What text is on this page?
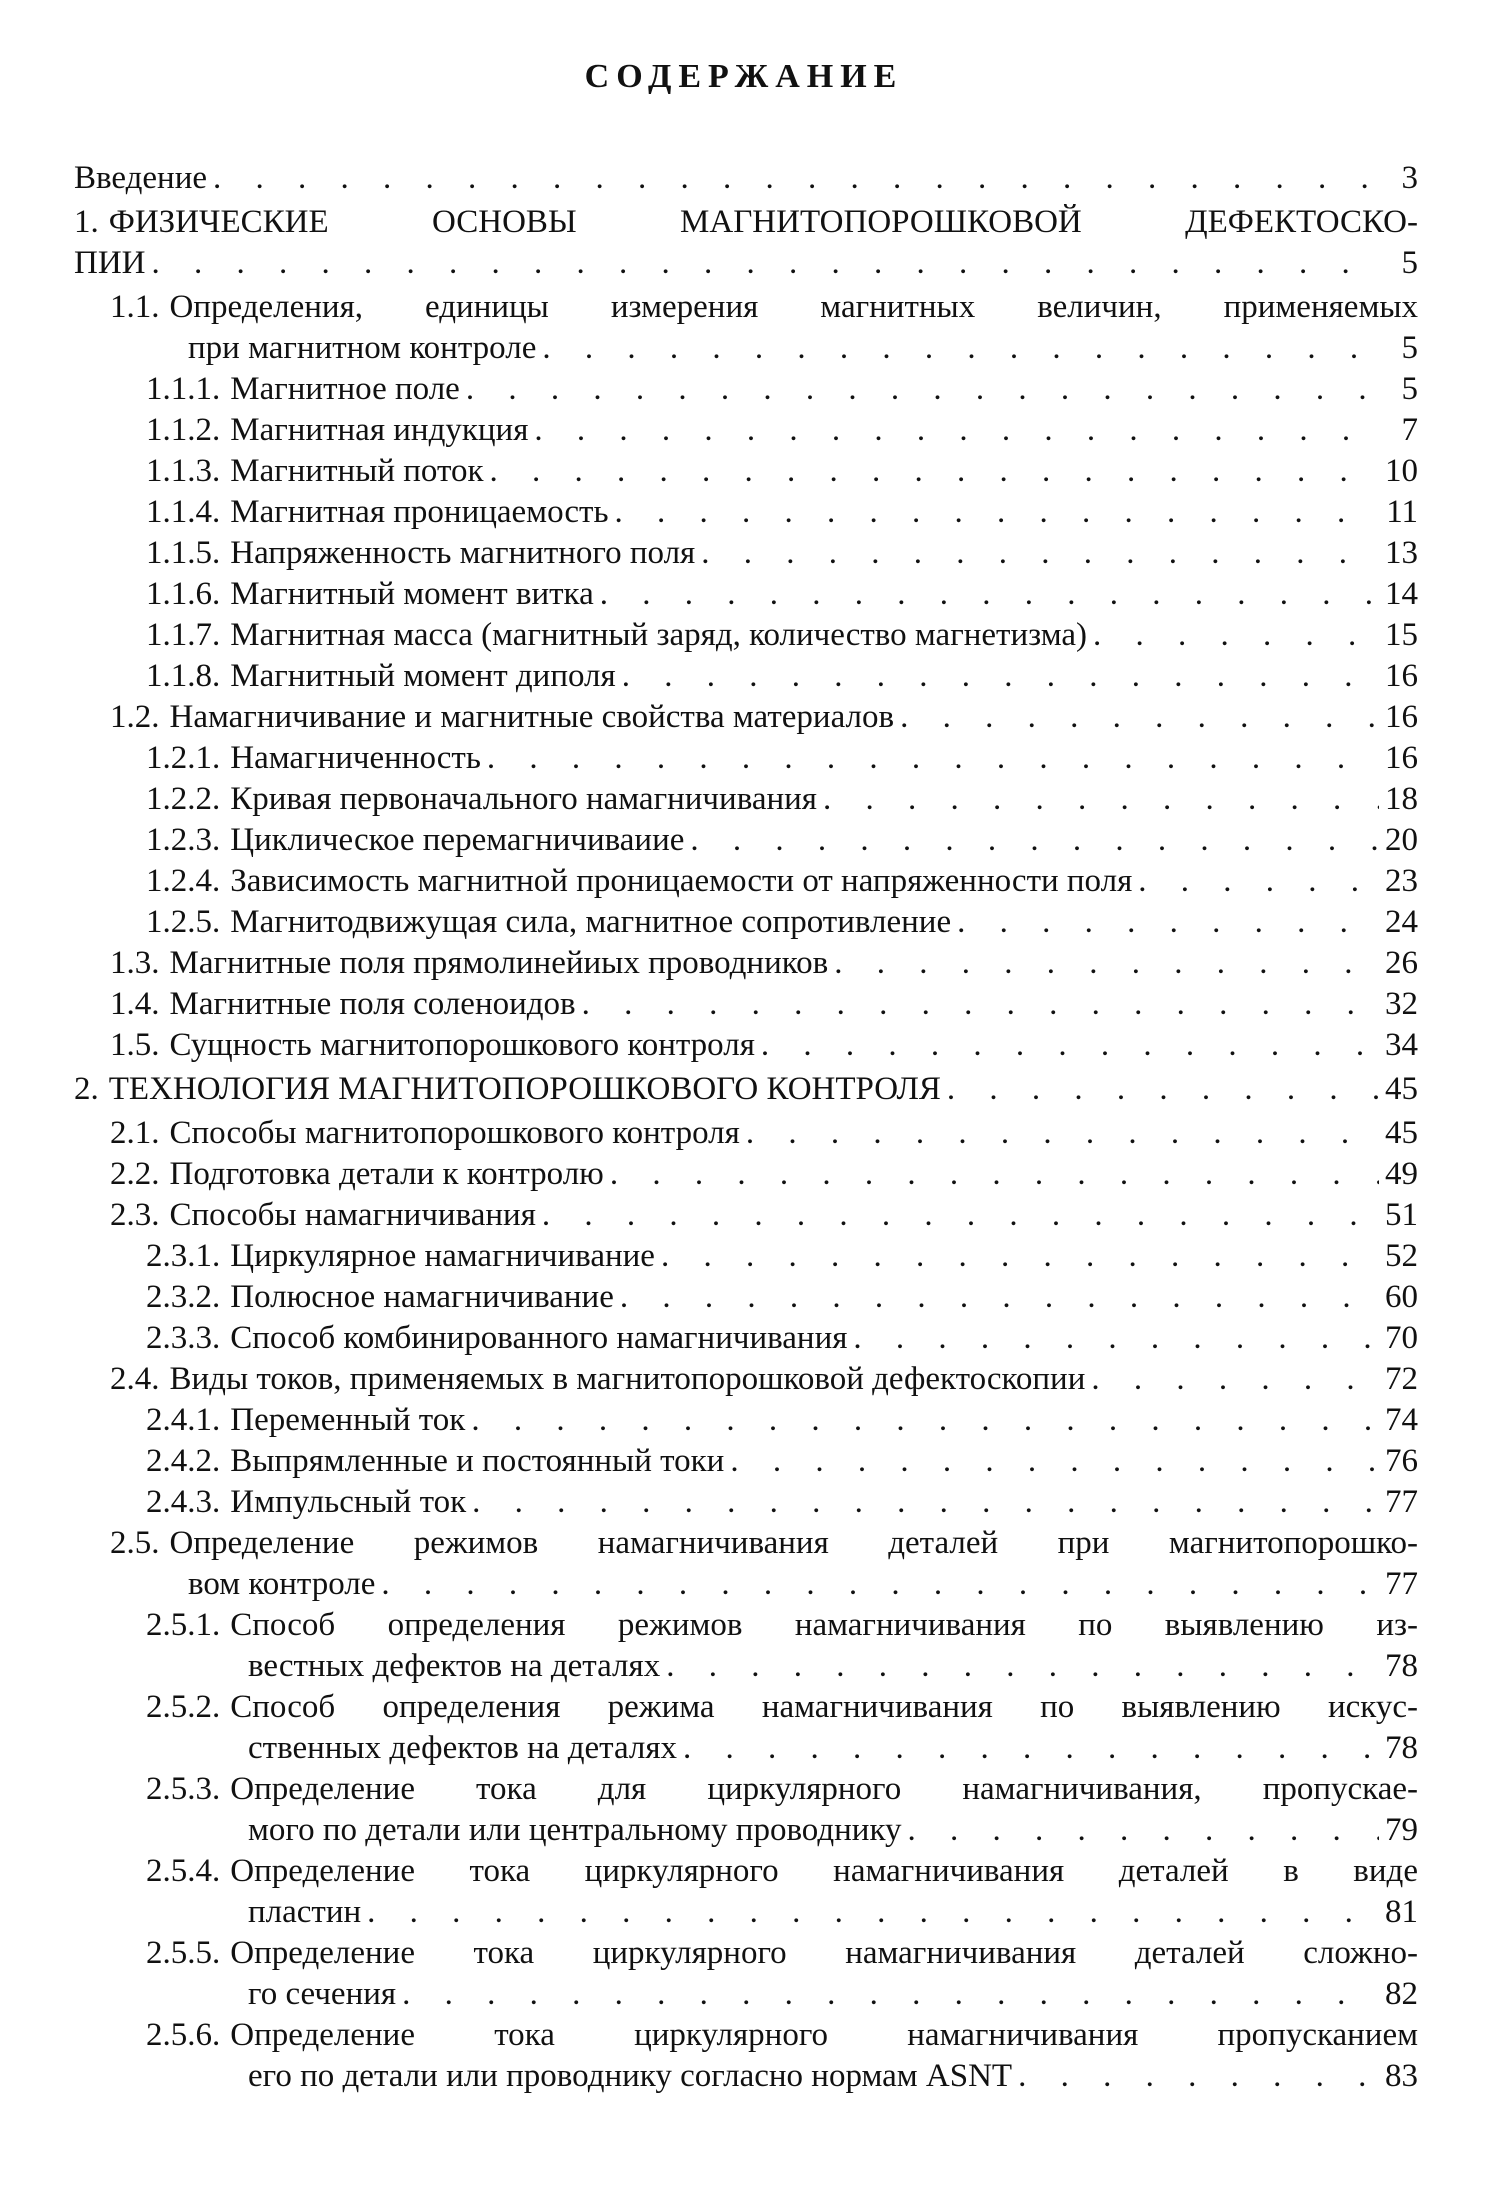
СОДЕРЖАНИЕ
Введение . . .	3
1. ФИЗИЧЕСКИЕ ОСНОВЫ МАГНИТОПОРОШКОВОЙ ДЕФЕКТОСКО-
ПИИ . . .	5
1.1. Определения, единицы измерения магнитных величин, применяемых
при магнитном контроле . . .	5
1.1.1. Магнитное поле . . .	5
1.1.2. Магнитная индукция . . .	7
1.1.3. Магнитный поток . . .	10
1.1.4. Магнитная проницаемость . . .	11
1.1.5. Напряженность магнитного поля . . .	13
1.1.6. Магнитный момент витка . . .	14
1.1.7. Магнитная масса (магнитный заряд, количество магнетизма) . . .	15
1.1.8. Магнитный момент диполя . . .	16
1.2. Намагничивание и магнитные свойства материалов . . .	16
1.2.1. Намагниченность . . .	16
1.2.2. Кривая первоначального намагничивания . . .	18
1.2.3. Циклическое перемагничиваиие . . .	20
1.2.4. Зависимость магнитной проницаемости от напряженности поля . . .	23
1.2.5. Магнитодвижущая сила, магнитное сопротивление . . .	24
1.3. Магнитные поля прямолинейиых проводников . . .	26
1.4. Магнитные поля соленоидов . . .	32
1.5. Сущность магнитопорошкового контроля . . .	34
2. ТЕХНОЛОГИЯ МАГНИТОПОРОШКОВОГО КОНТРОЛЯ . . .	45
2.1. Способы магнитопорошкового контроля . . .	45
2.2. Подготовка детали к контролю . . .	49
2.3. Способы намагничивания . . .	51
2.3.1. Циркулярное намагничивание . . .	52
2.3.2. Полюсное намагничивание . . .	60
2.3.3. Способ комбинированного намагничивания . . .	70
2.4. Виды токов, применяемых в магнитопорошковой дефектоскопии . . .	72
2.4.1. Переменный ток . . .	74
2.4.2. Выпрямленные и постоянный токи . . .	76
2.4.3. Импульсный ток . . .	77
2.5. Определение режимов намагничивания деталей при магнитопорошко-
вом контроле . . .	77
2.5.1. Способ определения режимов намагничивания по выявлению из-
вестных дефектов на деталях . . .	78
2.5.2. Способ определения режима намагничивания по выявлению искус-
ственных дефектов на деталях . . .	78
2.5.3. Определение тока для циркулярного намагничивания, пропускае-
мого по детали или центральному проводнику . . .	79
2.5.4. Определение тока циркулярного намагничивания деталей в виде
пластин . . .	81
2.5.5. Определение тока циркулярного намагничивания деталей сложно-
го сечения . . .	82
2.5.6. Определение тока циркулярного намагничивания пропусканием
его по детали или проводнику согласно нормам ASNT . . .	83
